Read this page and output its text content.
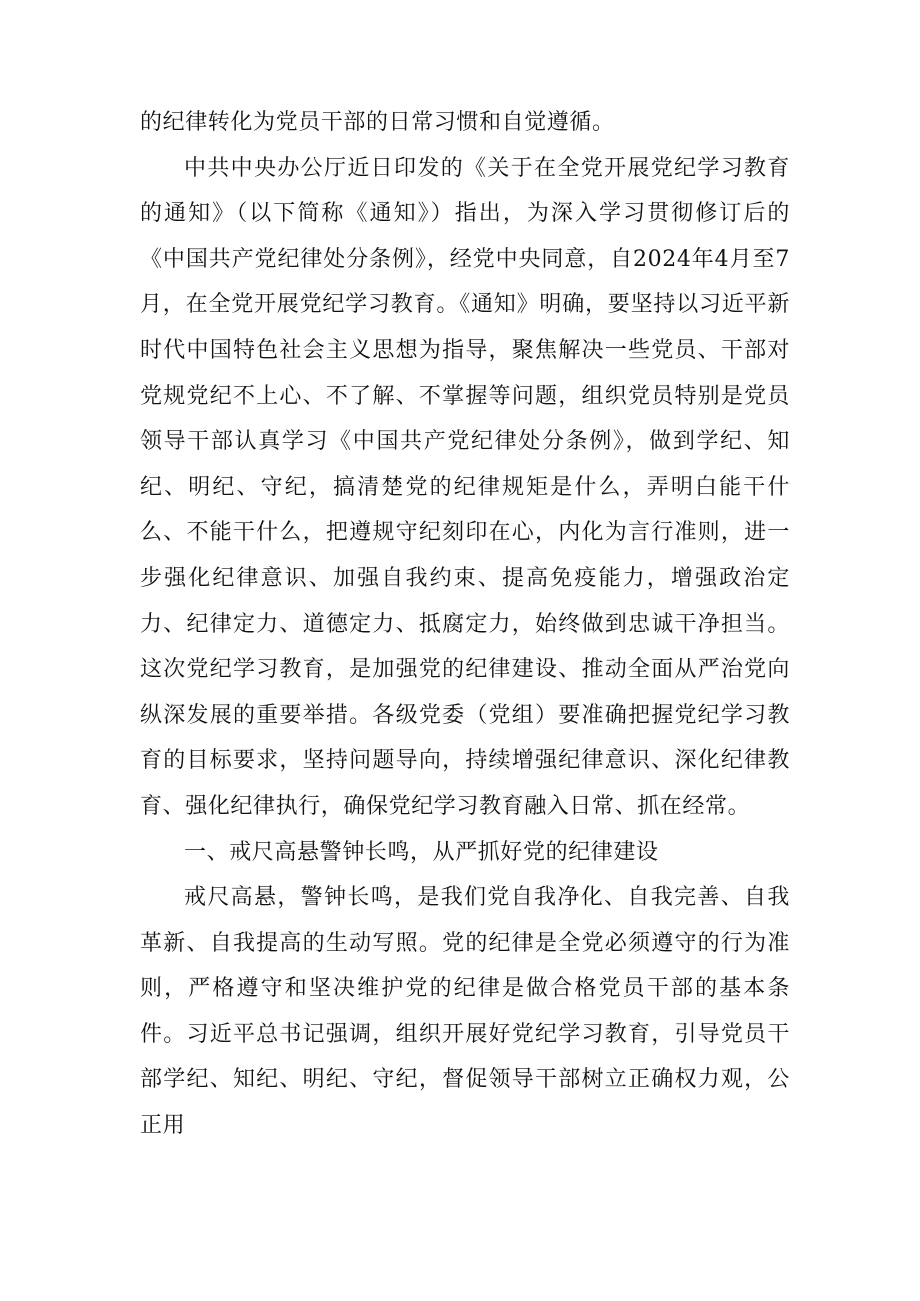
的纪律转化为党员干部的日常习惯和自觉遵循。

中共中央办公厅近日印发的《关于在全党开展党纪学习教育的通知》（以下简称《通知》）指出，为深入学习贯彻修订后的《中国共产党纪律处分条例》，经党中央同意，自2024年4月至7月，在全党开展党纪学习教育。《通知》明确，要坚持以习近平新时代中国特色社会主义思想为指导，聚焦解决一些党员、干部对党规党纪不上心、不了解、不掌握等问题，组织党员特别是党员领导干部认真学习《中国共产党纪律处分条例》，做到学纪、知纪、明纪、守纪，搞清楚党的纪律规矩是什么，弄明白能干什么、不能干什么，把遵规守纪刻印在心，内化为言行准则，进一步强化纪律意识、加强自我约束、提高免疫能力，增强政治定力、纪律定力、道德定力、抵腐定力，始终做到忠诚干净担当。这次党纪学习教育，是加强党的纪律建设、推动全面从严治党向纵深发展的重要举措。各级党委（党组）要准确把握党纪学习教育的目标要求，坚持问题导向，持续增强纪律意识、深化纪律教育、强化纪律执行，确保党纪学习教育融入日常、抓在经常。

一、戒尺高悬警钟长鸣，从严抓好党的纪律建设

戒尺高悬，警钟长鸣，是我们党自我净化、自我完善、自我革新、自我提高的生动写照。党的纪律是全党必须遵守的行为准则，严格遵守和坚决维护党的纪律是做合格党员干部的基本条件。习近平总书记强调，组织开展好党纪学习教育，引导党员干部学纪、知纪、明纪、守纪，督促领导干部树立正确权力观，公正用
